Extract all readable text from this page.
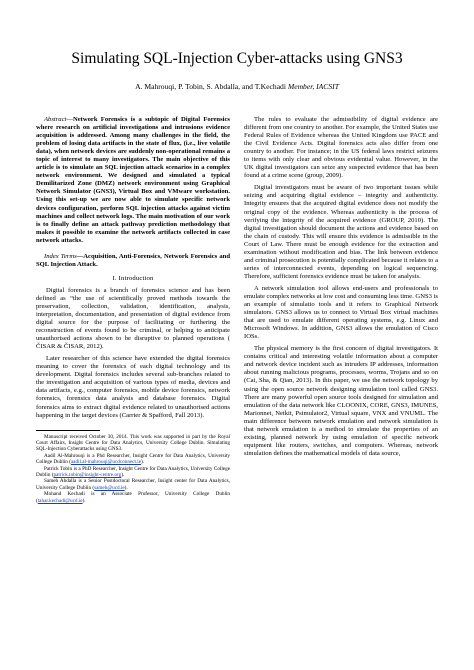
Simulating SQL-Injection Cyber-attacks using GNS3
A. Mahrouqi, P. Tobin, S. Abdalla, and T.Kechadi Member, IACSIT

Abstract—Network Forensics is a subtopic of Digital Forensics where research on artificial investigations and intrusions evidence acquisition is addressed. Among many challenges in the field, the problem of losing data artifacts in the state of flux, (i.e., live volatile data), when network devices are suddenly non-operational remains a topic of interest to many investigators. The main objective of this article is to simulate an SQL injection attack scenarios in a complex network environment. We designed and simulated a typical Demilitarized Zone (DMZ) network environment using Graphical Network Simulator (GNS3), Virtual Box and VMware workstation. Using this set-up we are now able to simulate specific network devices configuration, perform SQL injection attacks against victim machines and collect network logs. The main motivation of our work is to finally define an attack pathway prediction methodology that makes it possible to examine the network artifacts collected in case network attacks.

Index Terms—Acquisition, Anti-Forensics, Network Forensics and SQL Injection Attack.

I. Introduction

Digital forensics is a branch of forensics science and has been defined as “the use of scientifically proved methods towards the preservation, collection, validation, identification, analysis, interpretation, documentation, and presentation of digital evidence from digital source for the purpose of facilitating or furthering the reconstruction of events found to be criminal, or helping to anticipate unauthorised actions shown to be disruptive to planned operations ( ČISAR & ČISAR, 2012).

Later researcher of this science have extended the digital forensics meaning to cover the forensics of each digital technology and its development. Digital forensics includes several sub-branches related to the investigation and acquisition of various types of media, devices and data artifacts, e.g., computer forensics, mobile device forensics, network forensics, forensics data analysis and database forensics. Digital forensics aims to extract digital evidence related to unauthorised actions happening in the target devices (Carrier & Spafford, Fall 2013).

Manuscript received October 30, 2014. This work was supported in part by the Royal Court Affairs, Insight Centre for Data Analytics, University College Dublin. Simulating SQL-Injection Cyberattacks using GNS3.

Aadil Al-Mahrouqi is a Phd Researcher, Insight Centre for Data Analytics, University College Dublin (aadil.al-mahrouqi@ucdconnect.ie).

Patrick Tobin is a PhD Researcher, Insight Centre for Data Analytics, University College Dublin (patrick.tobin@insight-centre.org).

Sameh Abdalla is a Senior Postdoctoral Researcher, Insight center for Data Analytics, University College Dublin (sameh@ucd.ie).

Mohand Kechadi is an Associate Professor, University College Dublin (tahar.kechadi@ucd.ie).

The rules to evaluate the admissibility of digital evidence are different from one country to another. For example, the United States use Federal Rules of Evidence whereas the United Kingdom use PACE and the Civil Evidence Acts. Digital forensics acts also differ from one country to another. For instance; in the US federal laws restrict seizures to items with only clear and obvious evidential value. However, in the UK digital investigators can seize any suspected evidence that has been found at a crime scene (group, 2009).

Digital investigators must be aware of two important issues while seizing and acquiring digital evidence – integrity and authenticity. Integrity ensures that the acquired digital evidence does not modify the original copy of the evidence. Whereas authenticity is the process of verifying the integrity of the acquired evidence (GROUP, 2010). The digital investigation should document the actions and evidence based on the chain of custody. This will ensure this evidence is admissible in the Court of Law. There must be enough evidence for the extraction and examination without modification and bias. The link between evidence and criminal prosecution is potentially complicated because it relates to a series of interconnected events, depending on logical sequencing. Therefore, sufficient forensics evidence must be taken for analysis.

A network simulation tool allows end-users and professionals to emulate complex networks at low cost and consuming less time. GNS3 is an example of simulatio tools and it refers to Graphical Network simulators. GNS3 allows us to connect to Virtual Box virtual machines that are used to emulate different operating systems, e.g. Linux and Microsoft Windows. In addition, GNS3 allows the emulation of Cisco IOSs.

The physical memory is the first concern of digital investigators. It contains critical and interesting volatile information about a computer and network device incident such as intruders IP addresses, information about running malicious programs, processes, worms, Trojans and so on (Cai, Sha, & Qian, 2013). In this paper, we use the network topology by using the open source network designing simulation tool called GNS3. There are many powerful open source tools designed for simulation and emulation of the data network like CLOONIX, CORE, GNS3, IMUNES, Marionnet, Netkit, Psimulator2, Virtual square, VNX and VNUML. The main difference between network emulation and network simulation is that network emulation is a method to simulate the properties of an existing, planned network by using emulation of specific network equipment like routers, switches, and computers. Whereas, network simulation defines the mathematical models of data source,
